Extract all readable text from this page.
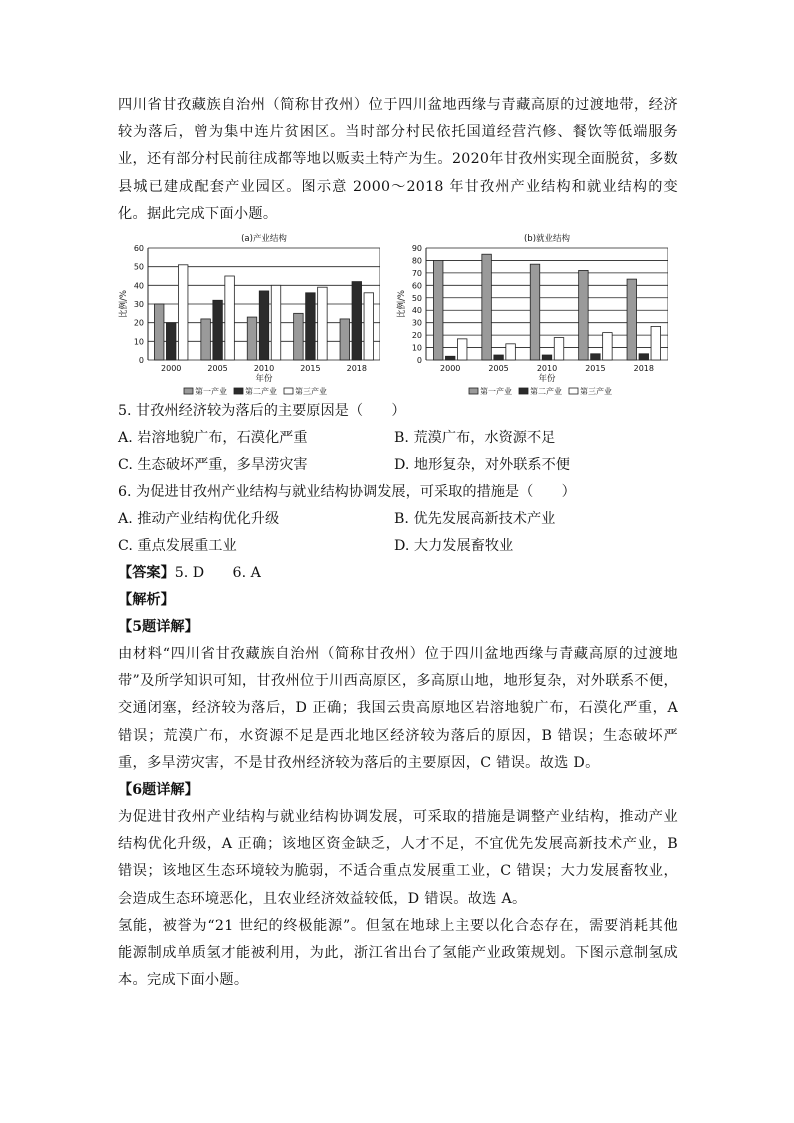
四川省甘孜藏族自治州（简称甘孜州）位于四川盆地西缘与青藏高原的过渡地带，经济较为落后，曾为集中连片贫困区。当时部分村民依托国道经营汽修、餐饮等低端服务业，还有部分村民前往成都等地以贩卖土特产为生。2020年甘孜州实现全面脱贫，多数县城已建成配套产业园区。图示意 2000～2018 年甘孜州产业结构和就业结构的变化。据此完成下面小题。

(a)产业结构
0
10
20
30
40
50
60
比例/%
2000	2005	2010	2015	2018
年份
第一产业 第二产业 第三产业
(b)就业结构
0
10
20
30
40
50
60
70
80
90
比例/%
2000	2005	2010	2015	2018
年份
第一产业 第二产业 第三产业

5. 甘孜州经济较为落后的主要原因是（　　）

A. 岩溶地貌广布，石漠化严重	B. 荒漠广布，水资源不足
C. 生态破坏严重，多旱涝灾害	D. 地形复杂，对外联系不便

6. 为促进甘孜州产业结构与就业结构协调发展，可采取的措施是（　　）

A. 推动产业结构优化升级	B. 优先发展高新技术产业
C. 重点发展重工业	D. 大力发展畜牧业

【答案】5. D　　6. A

【解析】

【5题详解】

由材料“四川省甘孜藏族自治州（简称甘孜州）位于四川盆地西缘与青藏高原的过渡地带”及所学知识可知，甘孜州位于川西高原区，多高原山地，地形复杂，对外联系不便，交通闭塞，经济较为落后，D 正确；我国云贵高原地区岩溶地貌广布，石漠化严重，A 错误；荒漠广布，水资源不足是西北地区经济较为落后的原因，B 错误；生态破坏严重，多旱涝灾害，不是甘孜州经济较为落后的主要原因，C 错误。故选 D。

【6题详解】

为促进甘孜州产业结构与就业结构协调发展，可采取的措施是调整产业结构，推动产业结构优化升级，A 正确；该地区资金缺乏，人才不足，不宜优先发展高新技术产业，B 错误；该地区生态环境较为脆弱，不适合重点发展重工业，C 错误；大力发展畜牧业，会造成生态环境恶化，且农业经济效益较低，D 错误。故选 A。

氢能，被誉为“21 世纪的终极能源”。但氢在地球上主要以化合态存在，需要消耗其他能源制成单质氢才能被利用，为此，浙江省出台了氢能产业政策规划。下图示意制氢成本。完成下面小题。
